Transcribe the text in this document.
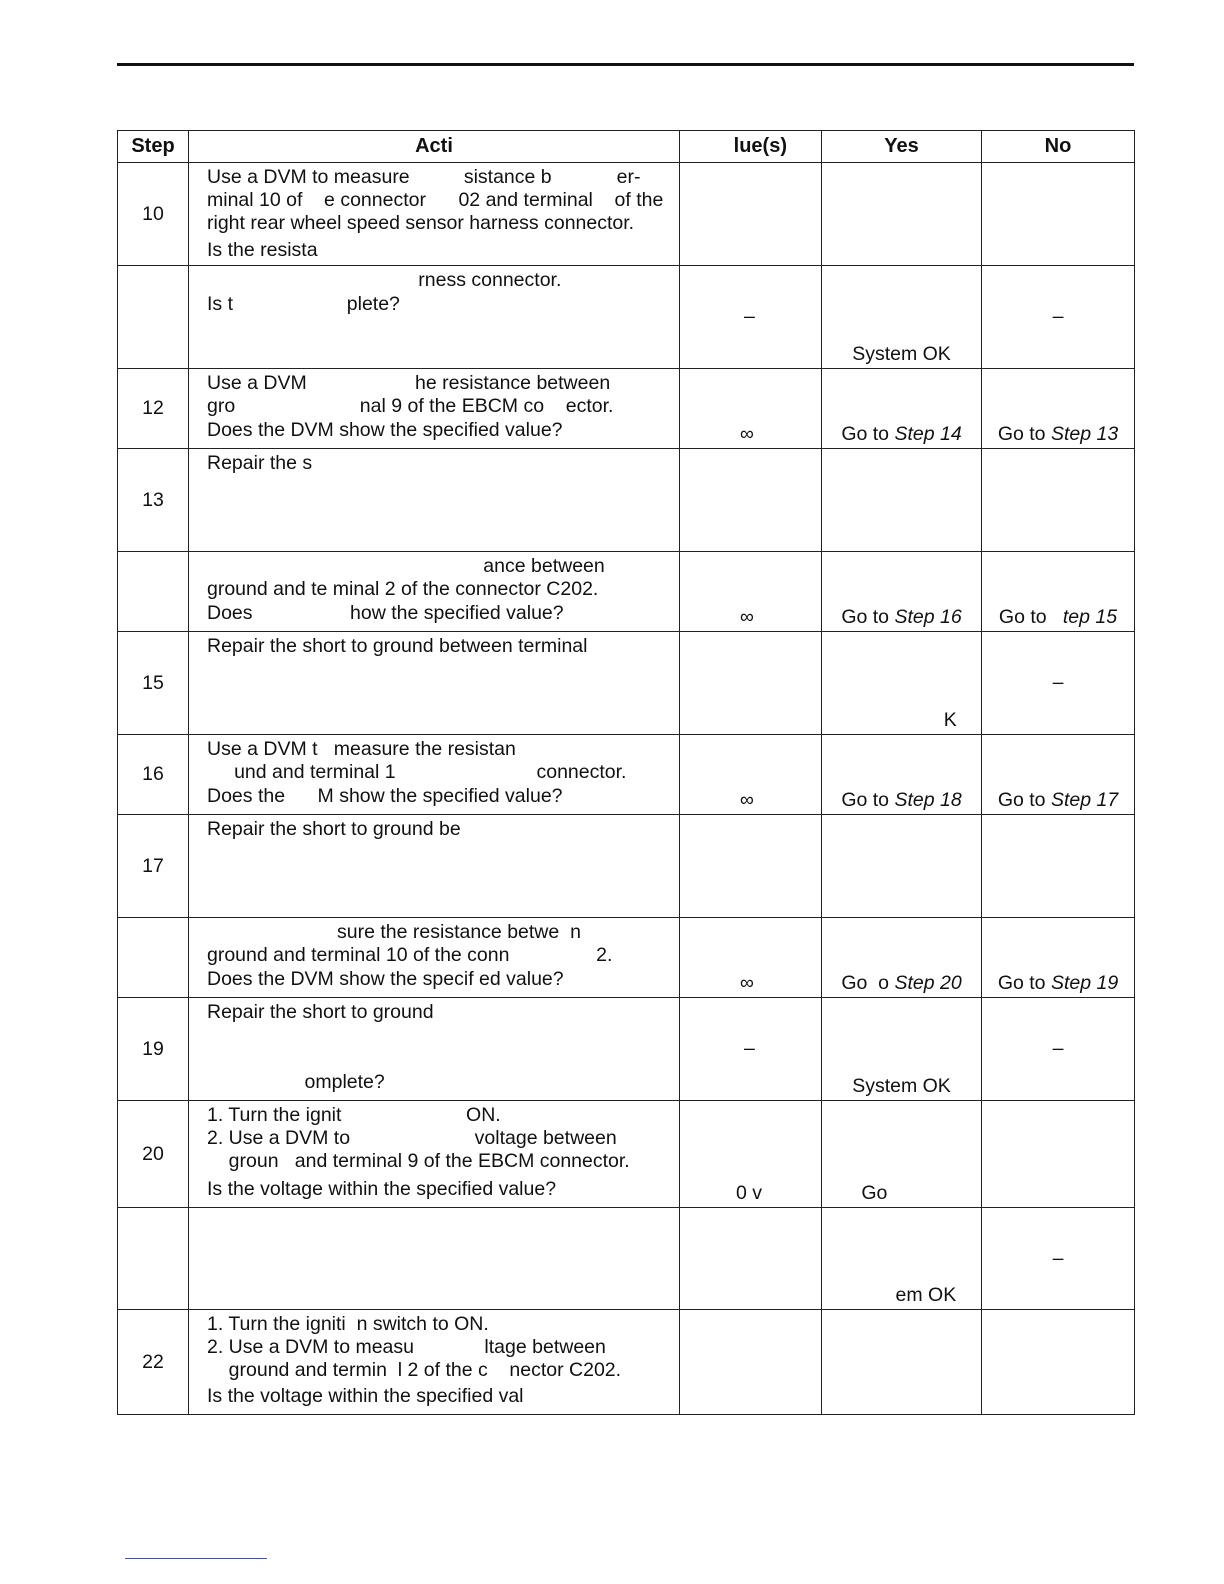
Step	Acti	lue(s)	Yes	No
10	Use a DVM to measure          sistance b            er-
minal 10 of    e connector      02 and terminal    of the
right rear wheel speed sensor harness connector.
Is the resista			

	rness connector.
Is t                     plete?	–	System OK	–

12	Use a DVM                    he resistance between
gro                       nal 9 of the EBCM co    ector.
Does the DVM show the specified value?	∞	Go to Step 14	Go to Step 13

13	Repair the s			

	ance between
ground and te minal 2 of the connector C202.
Does                  how the specified value?	∞	Go to Step 16	Go to   tep 15

15	Repair the short to ground between terminal		K	–

16	Use a DVM t   measure the resistan
und and terminal 1                          connector.
Does the      M show the specified value?	∞	Go to Step 18	Go to Step 17

17	Repair the short to ground be			

	sure the resistance betwe  n
ground and terminal 10 of the conn                2.
Does the DVM show the specif ed value?	∞	Go  o Step 20	Go to Step 19

19	Repair the short to ground
omplete?	–	System OK	–

20	1. Turn the ignit                       ON.
2. Use a DVM to                       voltage between
groun   and terminal 9 of the EBCM connector.
Is the voltage within the specified value?	0 v	Go	

			em OK	–

22	1. Turn the igniti  n switch to ON.
2. Use a DVM to measu             ltage between
ground and termin  l 2 of the c    nector C202.
Is the voltage within the specified val			
